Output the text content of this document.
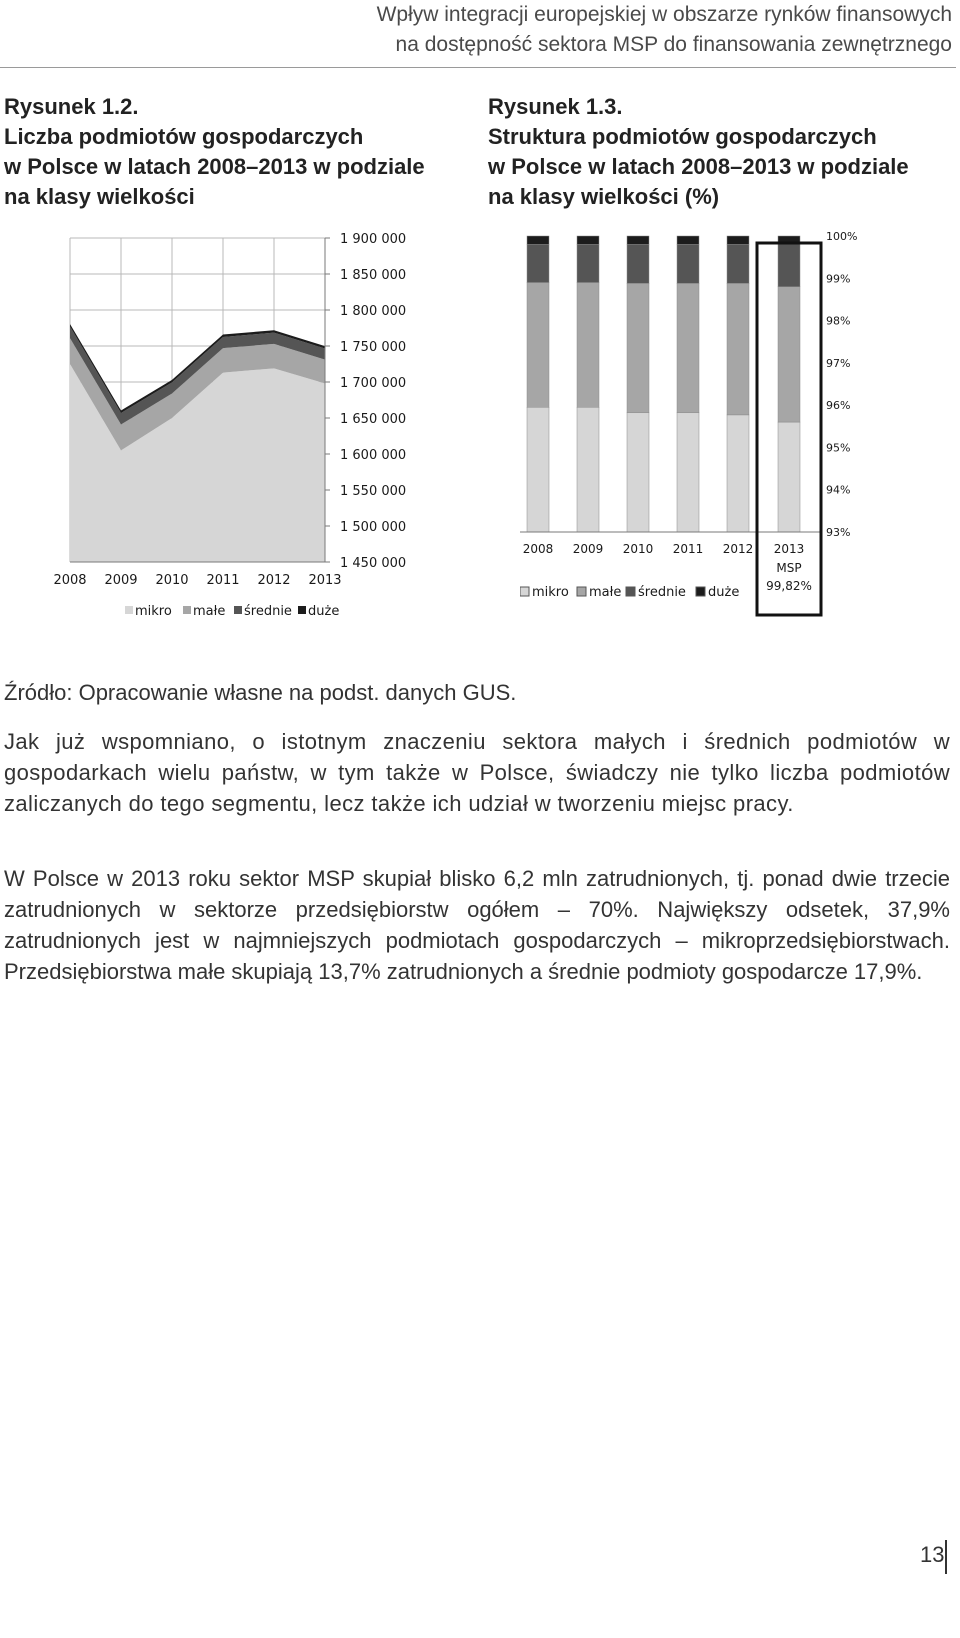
Wpływ integracji europejskiej w obszarze rynków finansowych
na dostępność sektora MSP do finansowania zewnętrznego
Rysunek 1.2.
Liczba podmiotów gospodarczych
w Polsce w latach 2008–2013 w podziale
na klasy wielkości
Rysunek 1.3.
Struktura podmiotów gospodarczych
w Polsce w latach 2008–2013 w podziale
na klasy wielkości (%)
1 900 000
1 850 000
1 800 000
1 750 000
1 700 000
1 650 000
1 600 000
1 550 000
1 500 000
1 450 000
2008 2009 2010 2011 2012 2013
mikro małe średnie duże
2008 2009 2010 2011 2012 2013
100%
99%
98%
97%
96%
95%
94%
93%
MSP
99,82%
mikro małe średnie duże
Źródło: Opracowanie własne na podst. danych GUS.

Jak już wspomniano, o istotnym znaczeniu sektora małych i średnich podmiotów w gospodarkach wielu państw, w tym także w Polsce, świadczy nie tylko liczba podmiotów zaliczanych do tego segmentu, lecz także ich udział w tworzeniu miejsc pracy.

W Polsce w 2013 roku sektor MSP skupiał blisko 6,2 mln zatrudnionych, tj. ponad dwie trzecie zatrudnionych w sektorze przedsiębiorstw ogółem – 70%. Największy odsetek, 37,9% zatrudnionych jest w najmniejszych podmiotach gospodarczych – mikroprzedsiębiorstwach. Przedsiębiorstwa małe skupiają 13,7% zatrudnionych a średnie podmioty gospodarcze 17,9%.

13
